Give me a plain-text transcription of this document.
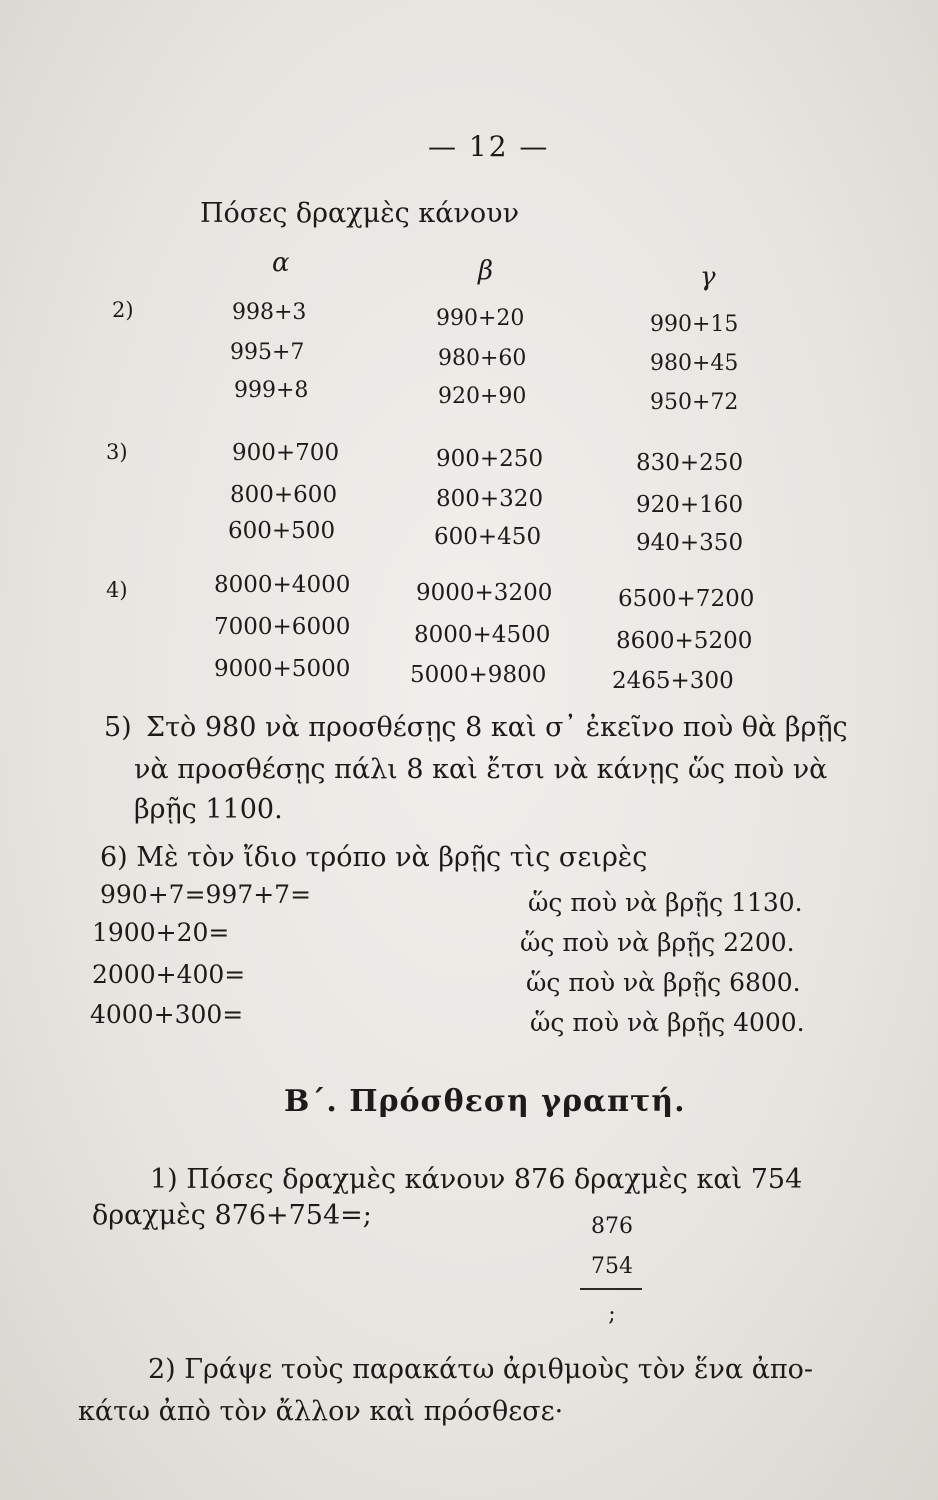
— 12 —
Πόσες δραχμὲς κάνουν
α	β	γ
2)	998+3	990+20	990+15
995+7	980+60	980+45
999+8	920+90	950+72
3)	900+700	900+250	830+250
800+600	800+320	920+160
600+500	600+450	940+350
4)	8000+4000	9000+3200	6500+7200
7000+6000	8000+4500	8600+5200
9000+5000	5000+9800	2465+300
5) Στὸ 980 νὰ προσθέσῃς 8 καὶ σ᾿ ἐκεῖνο ποὺ θὰ βρῇς
νὰ προσθέσῃς πάλι 8 καὶ ἔτσι νὰ κάνῃς ὥς ποὺ νὰ
βρῇς 1100.
6) Μὲ τὸν ἴδιο τρόπο νὰ βρῇς τὶς σειρὲς
990+7=997+7=	ὥς ποὺ νὰ βρῇς 1130.
1900+20=	ὥς ποὺ νὰ βρῇς 2200.
2000+400=	ὥς ποὺ νὰ βρῇς 6800.
4000+300=	ὥς ποὺ νὰ βρῇς 4000.
Β΄. Πρόσθεση γραπτή.
1) Πόσες δραχμὲς κάνουν 876 δραχμὲς καὶ 754
δραχμὲς 876+754=;	876
754
;
2) Γράψε τοὺς παρακάτω ἀριθμοὺς τὸν ἕνα ἀπο-
κάτω ἀπὸ τὸν ἄλλον καὶ πρόσθεσε·
